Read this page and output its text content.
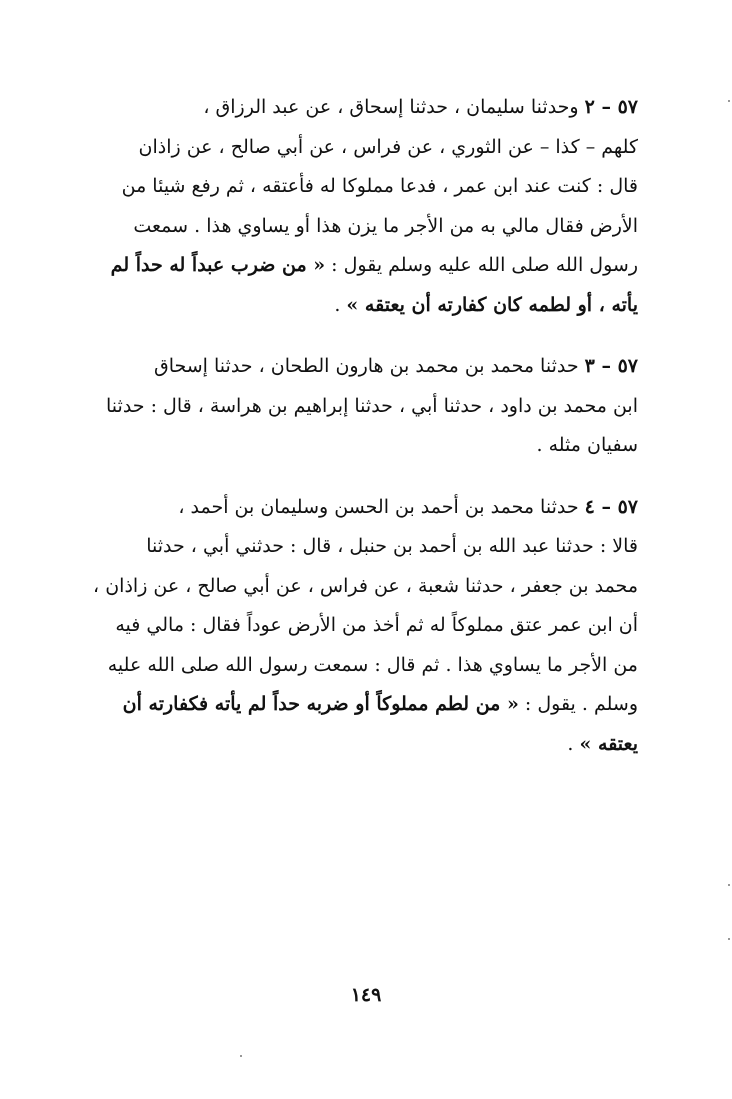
٥٧ – ٢ وحدثنا سليمان ، حدثنا إسحاق ، عن عبد الرزاق ،
كلهم – كذا – عن الثوري ، عن فراس ، عن أبي صالح ، عن زاذان
قال : كنت عند ابن عمر ، فدعا مملوكا له فأعتقه ، ثم رفع شيئا من
الأرض فقال مالي به من الأجر ما يزن هذا أو يساوي هذا . سمعت
رسول الله صلى الله عليه وسلم يقول : « من ضرب عبداً له حداً لم
يأته ، أو لطمه كان كفارته أن يعتقه » .
٥٧ – ٣ حدثنا محمد بن محمد بن هارون الطحان ، حدثنا إسحاق
ابن محمد بن داود ، حدثنا أبي ، حدثنا إبراهيم بن هراسة ، قال : حدثنا
سفيان مثله .
٥٧ – ٤ حدثنا محمد بن أحمد بن الحسن وسليمان بن أحمد ،
قالا : حدثنا عبد الله بن أحمد بن حنبل ، قال : حدثني أبي ، حدثنا
محمد بن جعفر ، حدثنا شعبة ، عن فراس ، عن أبي صالح ، عن زاذان ،
أن ابن عمر عتق مملوكاً له ثم أخذ من الأرض عوداً فقال : مالي فيه
من الأجر ما يساوي هذا . ثم قال : سمعت رسول الله صلى الله عليه
وسلم . يقول : « من لطم مملوكاً أو ضربه حداً لم يأته فكفارته أن
يعتقه » .
١٤٩
